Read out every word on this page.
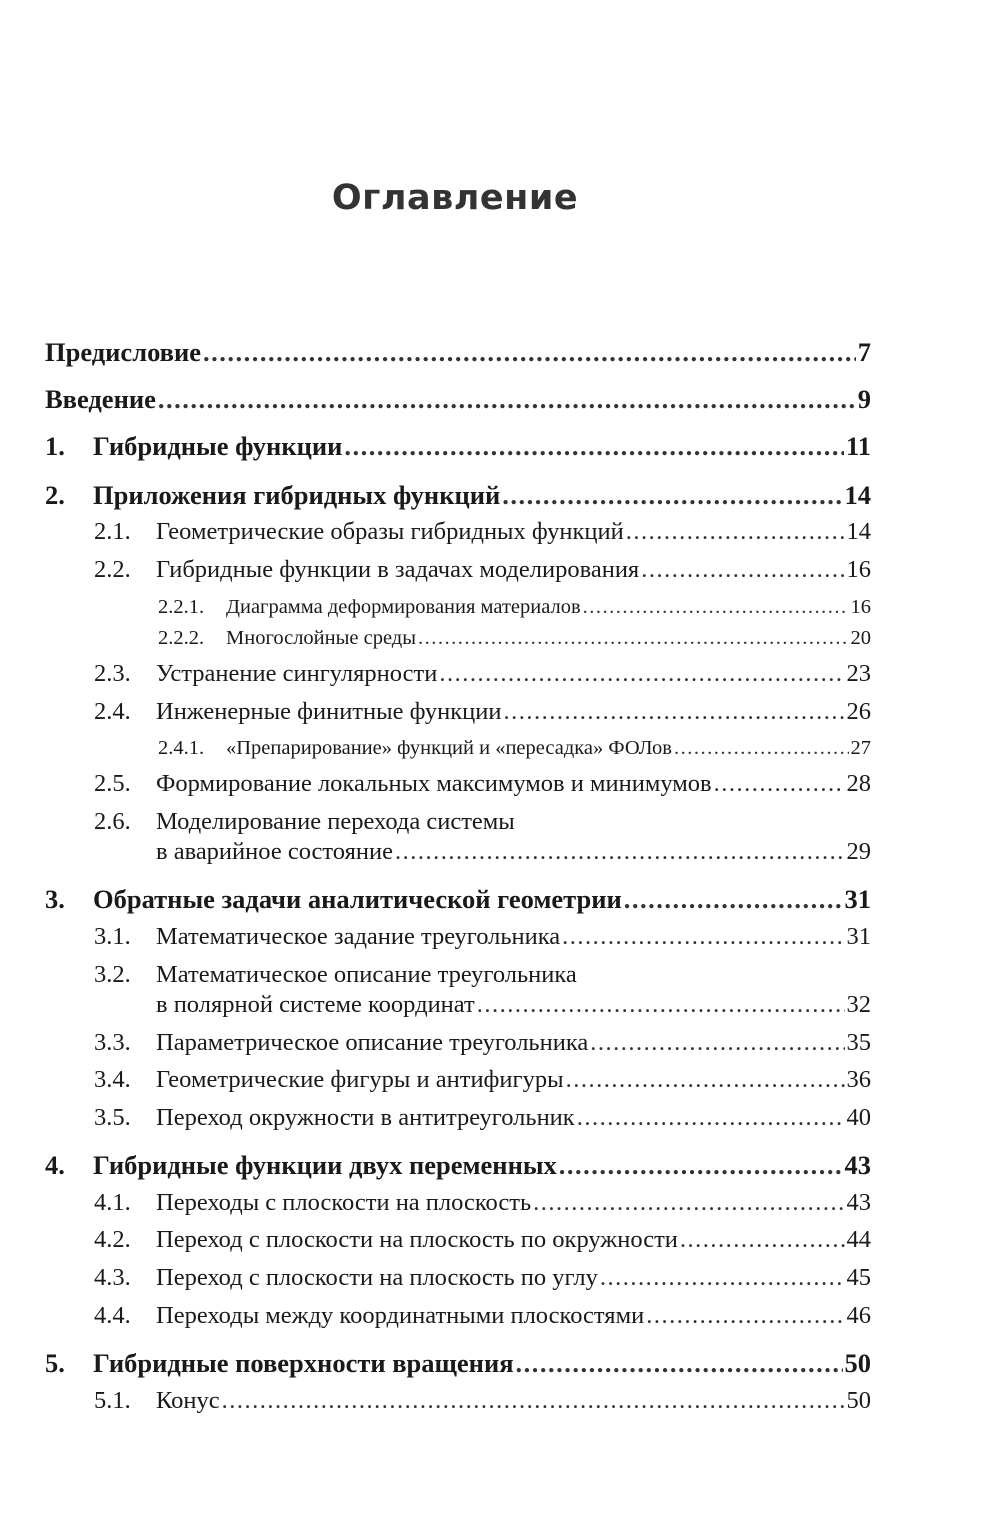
Оглавление
Предисловие .....	7
Введение .....	9
1.	Гибридные функции .....	11
2.	Приложения гибридных функций .....	14
2.1.	Геометрические образы гибридных функций .....	14
2.2.	Гибридные функции в задачах моделирования .....	16
2.2.1.	Диаграмма деформирования материалов .....	16
2.2.2.	Многослойные среды .....	20
2.3.	Устранение сингулярности .....	23
2.4.	Инженерные финитные функции .....	26
2.4.1.	«Препарирование» функций и «пересадка» ФОЛов .....	27
2.5.	Формирование локальных максимумов и минимумов .....	28
2.6.	Моделирование перехода системы
в аварийное состояние .....	29
3.	Обратные задачи аналитической геометрии .....	31
3.1.	Математическое задание треугольника .....	31
3.2.	Математическое описание треугольника
в полярной системе координат .....	32
3.3.	Параметрическое описание треугольника .....	35
3.4.	Геометрические фигуры и антифигуры .....	36
3.5.	Переход окружности в антитреугольник .....	40
4.	Гибридные функции двух переменных .....	43
4.1.	Переходы с плоскости на плоскость .....	43
4.2.	Переход с плоскости на плоскость по окружности .....	44
4.3.	Переход с плоскости на плоскость по углу .....	45
4.4.	Переходы между координатными плоскостями .....	46
5.	Гибридные поверхности вращения .....	50
5.1.	Конус .....	50
